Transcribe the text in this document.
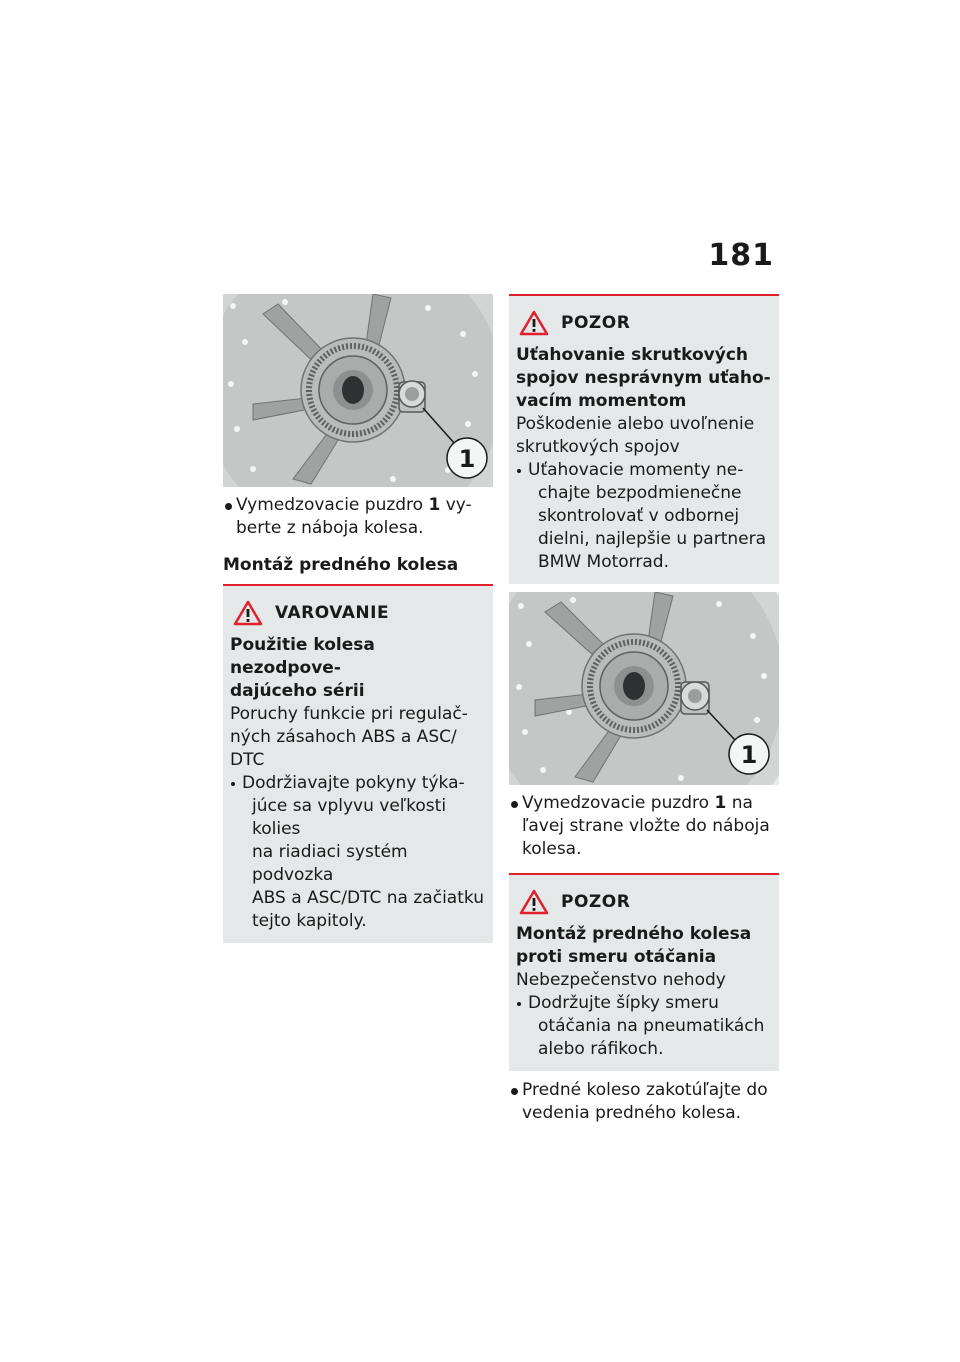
181
1
Vymedzovacie puzdro 1 vy-
berte z náboja kolesa.
Montáž predného kolesa
VAROVANIE
Použitie kolesa nezodpove-
dajúceho sérii
Poruchy funkcie pri regulač-
ných zásahoch ABS a ASC/
DTC
Dodržiavajte pokyny týka-
júce sa vplyvu veľkosti kolies
na riadiaci systém podvozka
ABS a ASC/DTC na začiatku
tejto kapitoly.
POZOR
Uťahovanie skrutkových
spojov nesprávnym uťaho-
vacím momentom
Poškodenie alebo uvoľnenie
skrutkových spojov
Uťahovacie momenty ne-
chajte bezpodmienečne
skontrolovať v odbornej
dielni, najlepšie u partnera
BMW Motorrad.
1
Vymedzovacie puzdro 1 na
ľavej strane vložte do náboja
kolesa.
POZOR
Montáž predného kolesa
proti smeru otáčania
Nebezpečenstvo nehody
Dodržujte šípky smeru
otáčania na pneumatikách
alebo ráfikoch.
Predné koleso zakotúľajte do
vedenia predného kolesa.
